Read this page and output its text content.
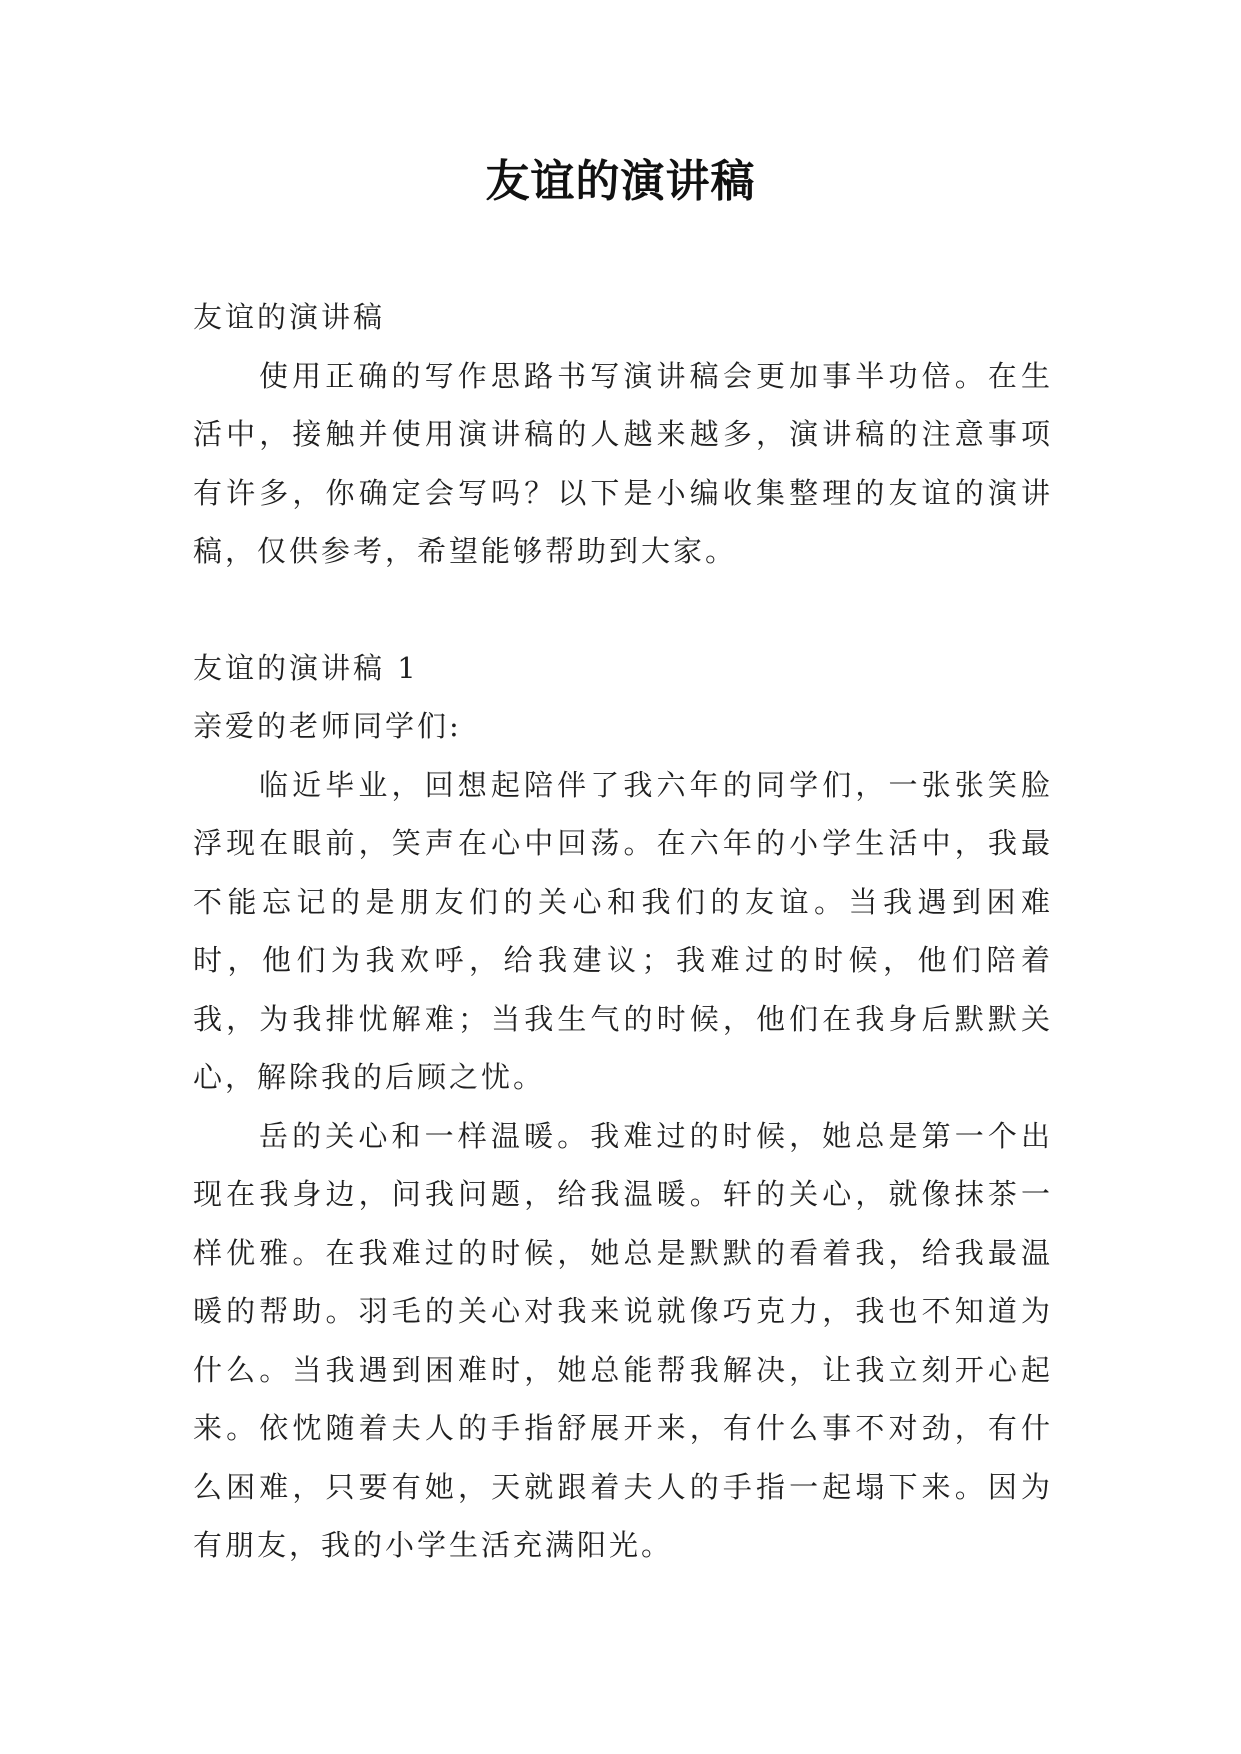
友谊的演讲稿

友谊的演讲稿

使用正确的写作思路书写演讲稿会更加事半功倍。在生活中，接触并使用演讲稿的人越来越多，演讲稿的注意事项有许多，你确定会写吗？以下是小编收集整理的友谊的演讲稿，仅供参考，希望能够帮助到大家。

友谊的演讲稿 1

亲爱的老师同学们:

临近毕业，回想起陪伴了我六年的同学们，一张张笑脸浮现在眼前，笑声在心中回荡。在六年的小学生活中，我最不能忘记的是朋友们的关心和我们的友谊。当我遇到困难时，他们为我欢呼，给我建议；我难过的时候，他们陪着我，为我排忧解难；当我生气的时候，他们在我身后默默关心，解除我的后顾之忧。

岳的关心和一样温暖。我难过的时候，她总是第一个出现在我身边，问我问题，给我温暖。轩的关心，就像抹茶一样优雅。在我难过的时候，她总是默默的看着我，给我最温暖的帮助。羽毛的关心对我来说就像巧克力，我也不知道为什么。当我遇到困难时，她总能帮我解决，让我立刻开心起来。依忱随着夫人的手指舒展开来，有什么事不对劲，有什么困难，只要有她，天就跟着夫人的手指一起塌下来。因为有朋友，我的小学生活充满阳光。
